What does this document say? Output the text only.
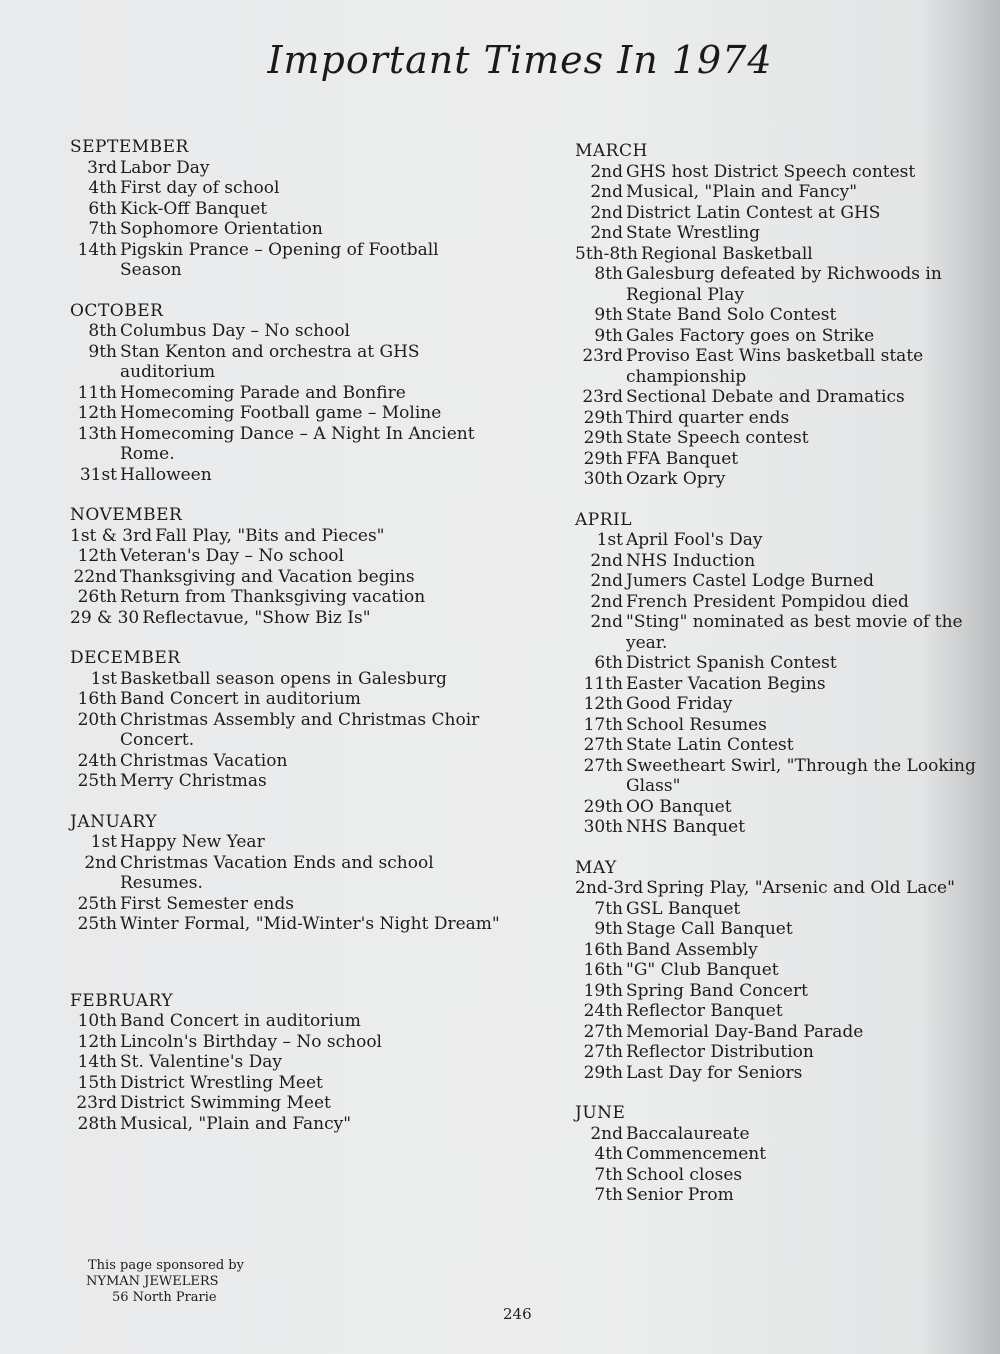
Important Times In 1974
SEPTEMBER
3rd Labor Day
4th First day of school
6th Kick-Off Banquet
7th Sophomore Orientation
14th Pigskin Prance – Opening of Football Season
OCTOBER
8th Columbus Day – No school
9th Stan Kenton and orchestra at GHS auditorium
11th Homecoming Parade and Bonfire
12th Homecoming Football game – Moline
13th Homecoming Dance – A Night In Ancient Rome.
31st Halloween
NOVEMBER
1st & 3rd Fall Play, "Bits and Pieces"
12th Veteran's Day – No school
22nd Thanksgiving and Vacation begins
26th Return from Thanksgiving vacation
29 & 30 Reflectavue, "Show Biz Is"
DECEMBER
1st Basketball season opens in Galesburg
16th Band Concert in auditorium
20th Christmas Assembly and Christmas Choir Concert.
24th Christmas Vacation
25th Merry Christmas
JANUARY
1st Happy New Year
2nd Christmas Vacation Ends and school Resumes.
25th First Semester ends
25th Winter Formal, "Mid-Winter's Night Dream"
FEBRUARY
10th Band Concert in auditorium
12th Lincoln's Birthday – No school
14th St. Valentine's Day
15th District Wrestling Meet
23rd District Swimming Meet
28th Musical, "Plain and Fancy"
MARCH
2nd GHS host District Speech contest
2nd Musical, "Plain and Fancy"
2nd District Latin Contest at GHS
2nd State Wrestling
5th-8th Regional Basketball
8th Galesburg defeated by Richwoods in Regional Play
9th State Band Solo Contest
9th Gales Factory goes on Strike
23rd Proviso East Wins basketball state championship
23rd Sectional Debate and Dramatics
29th Third quarter ends
29th State Speech contest
29th FFA Banquet
30th Ozark Opry
APRIL
1st April Fool's Day
2nd NHS Induction
2nd Jumers Castel Lodge Burned
2nd French President Pompidou died
2nd "Sting" nominated as best movie of the year.
6th District Spanish Contest
11th Easter Vacation Begins
12th Good Friday
17th School Resumes
27th State Latin Contest
27th Sweetheart Swirl, "Through the Looking Glass"
29th OO Banquet
30th NHS Banquet
MAY
2nd-3rd Spring Play, "Arsenic and Old Lace"
7th GSL Banquet
9th Stage Call Banquet
16th Band Assembly
16th "G" Club Banquet
19th Spring Band Concert
24th Reflector Banquet
27th Memorial Day-Band Parade
27th Reflector Distribution
29th Last Day for Seniors
JUNE
2nd Baccalaureate
4th Commencement
7th School closes
7th Senior Prom
This page sponsored by
NYMAN JEWELERS
56 North Prarie
246
